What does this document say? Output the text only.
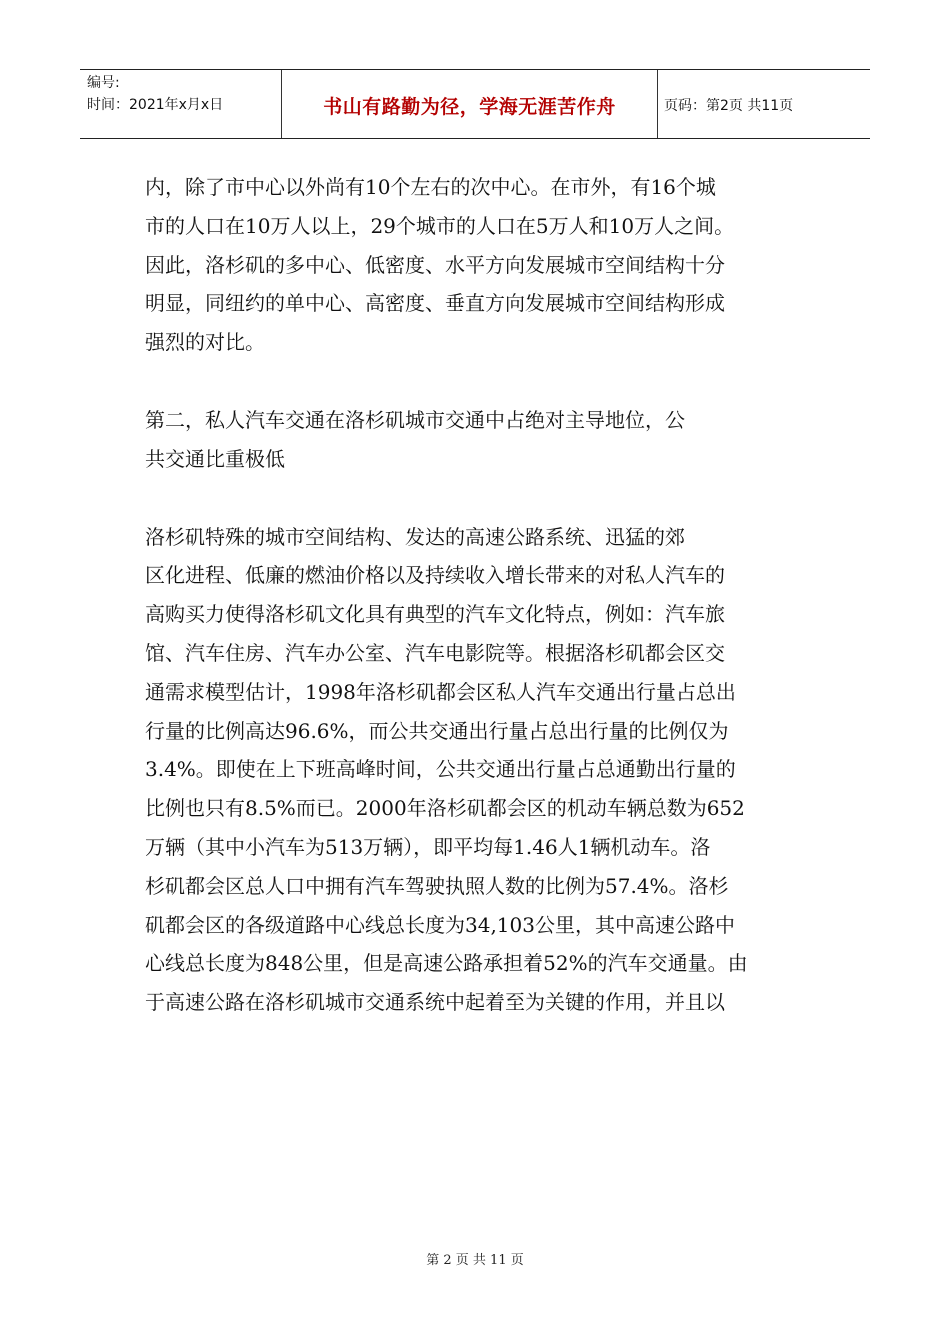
编号:
时间：2021年x月x日	书山有路勤为径，学海无涯苦作舟	页码：第2页 共11页
内，除了市中心以外尚有10个左右的次中心。在市外，有16个城
市的人口在10万人以上，29个城市的人口在5万人和10万人之间。
因此，洛杉矶的多中心、低密度、水平方向发展城市空间结构十分
明显，同纽约的单中心、高密度、垂直方向发展城市空间结构形成
强烈的对比。
第二，私人汽车交通在洛杉矶城市交通中占绝对主导地位，公
共交通比重极低
洛杉矶特殊的城市空间结构、发达的高速公路系统、迅猛的郊
区化进程、低廉的燃油价格以及持续收入增长带来的对私人汽车的
高购买力使得洛杉矶文化具有典型的汽车文化特点，例如：汽车旅
馆、汽车住房、汽车办公室、汽车电影院等。根据洛杉矶都会区交
通需求模型估计，1998年洛杉矶都会区私人汽车交通出行量占总出
行量的比例高达96.6%，而公共交通出行量占总出行量的比例仅为
3.4%。即使在上下班高峰时间，公共交通出行量占总通勤出行量的
比例也只有8.5%而已。2000年洛杉矶都会区的机动车辆总数为652
万辆（其中小汽车为513万辆），即平均每1.46人1辆机动车。洛
杉矶都会区总人口中拥有汽车驾驶执照人数的比例为57.4%。洛杉
矶都会区的各级道路中心线总长度为34,103公里，其中高速公路中
心线总长度为848公里，但是高速公路承担着52%的汽车交通量。由
于高速公路在洛杉矶城市交通系统中起着至为关键的作用，并且以
第 2 页 共 11 页
